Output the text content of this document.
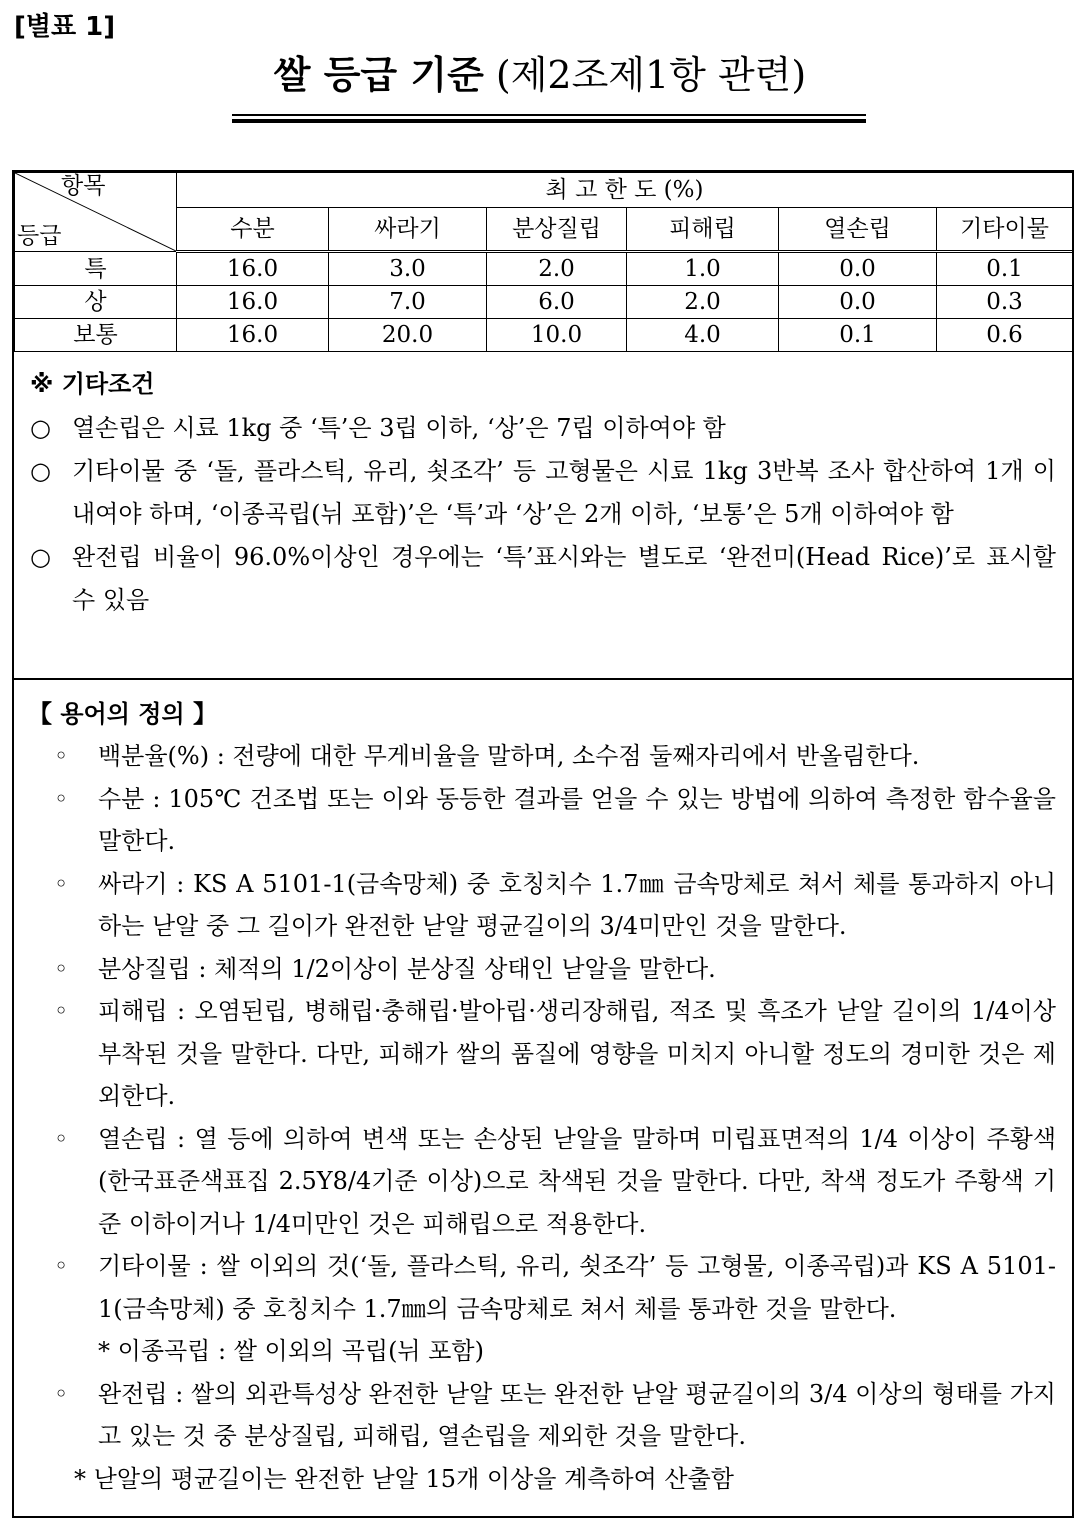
[별표 1]
쌀 등급 기준 (제2조제1항 관련)
항목
등급	최 고 한 도 (%)					
	수분	싸라기	분상질립	피해립	열손립	기타이물
특	16.0	3.0	2.0	1.0	0.0	0.1
상	16.0	7.0	6.0	2.0	0.0	0.3
보통	16.0	20.0	10.0	4.0	0.1	0.6
※ 기타조건
○ 열손립은 시료 1kg 중 ‘특’은 3립 이하, ‘상’은 7립 이하여야 함
○ 기타이물 중 ‘돌, 플라스틱, 유리, 쇳조각’ 등 고형물은 시료 1kg 3반복 조사 합산하여 1개 이내여야 하며, ‘이종곡립(뉘 포함)’은 ‘특’과 ‘상’은 2개 이하, ‘보통’은 5개 이하여야 함
○ 완전립 비율이 96.0%이상인 경우에는 ‘특’표시와는 별도로 ‘완전미(Head Rice)’로 표시할 수 있음
【 용어의 정의 】
◦ 백분율(%) : 전량에 대한 무게비율을 말하며, 소수점 둘째자리에서 반올림한다.
◦ 수분 : 105℃ 건조법 또는 이와 동등한 결과를 얻을 수 있는 방법에 의하여 측정한 함수율을 말한다.
◦ 싸라기 : KS A 5101-1(금속망체) 중 호칭치수 1.7㎜ 금속망체로 쳐서 체를 통과하지 아니하는 낟알 중 그 길이가 완전한 낟알 평균길이의 3/4미만인 것을 말한다.
◦ 분상질립 : 체적의 1/2이상이 분상질 상태인 낟알을 말한다.
◦ 피해립 : 오염된립, 병해립·충해립·발아립·생리장해립, 적조 및 흑조가 낟알 길이의 1/4이상 부착된 것을 말한다. 다만, 피해가 쌀의 품질에 영향을 미치지 아니할 정도의 경미한 것은 제외한다.
◦ 열손립 : 열 등에 의하여 변색 또는 손상된 낟알을 말하며 미립표면적의 1/4 이상이 주황색(한국표준색표집 2.5Y8/4기준 이상)으로 착색된 것을 말한다. 다만, 착색 정도가 주황색 기준 이하이거나 1/4미만인 것은 피해립으로 적용한다.
◦ 기타이물 : 쌀 이외의 것(‘돌, 플라스틱, 유리, 쇳조각’ 등 고형물, 이종곡립)과 KS A 5101-1(금속망체) 중 호칭치수 1.7㎜의 금속망체로 쳐서 체를 통과한 것을 말한다.
* 이종곡립 : 쌀 이외의 곡립(뉘 포함)
◦ 완전립 : 쌀의 외관특성상 완전한 낟알 또는 완전한 낟알 평균길이의 3/4 이상의 형태를 가지고 있는 것 중 분상질립, 피해립, 열손립을 제외한 것을 말한다.
* 낟알의 평균길이는 완전한 낟알 15개 이상을 계측하여 산출함
